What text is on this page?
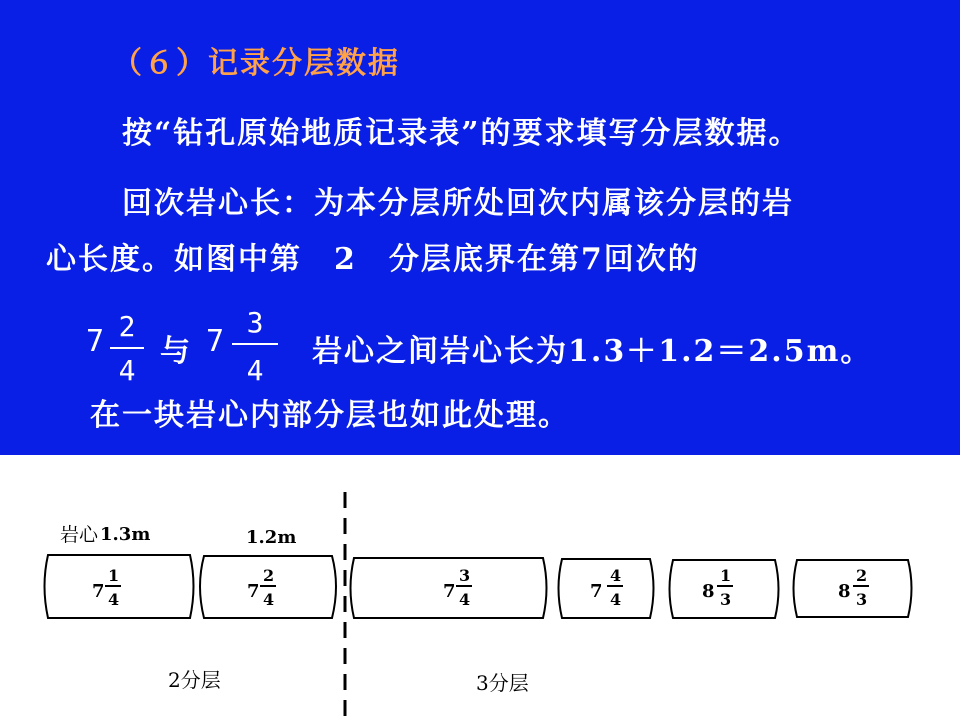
（６）记录分层数据
按“钻孔原始地质记录表”的要求填写分层数据。
回次岩心长：为本分层所处回次内属该分层的岩
心长度。如图中第　2　分层底界在第7回次的
7 2
4
与 7
3
4
岩心之间岩心长为1.3＋1.2＝2.5m。
在一块岩心内部分层也如此处理。
岩心 1.3m	1.2m
7
1
4	7
2
4	7
3
4	7
4
4	8
1
3	8
2
3
2分层	3分层
